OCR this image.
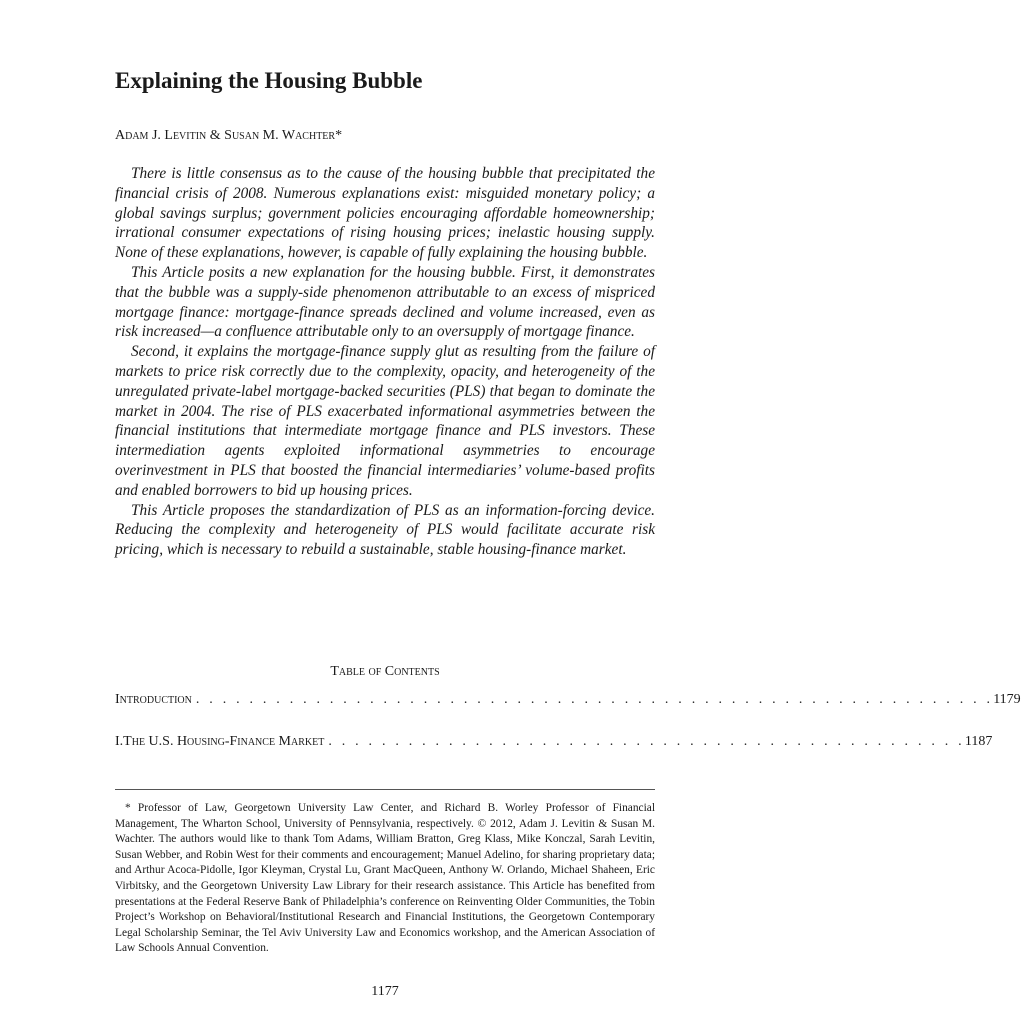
Explaining the Housing Bubble
Adam J. Levitin & Susan M. Wachter*

There is little consensus as to the cause of the housing bubble that precipitated the financial crisis of 2008. Numerous explanations exist: misguided monetary policy; a global savings surplus; government policies encouraging affordable homeownership; irrational consumer expectations of rising housing prices; inelastic housing supply. None of these explanations, however, is capable of fully explaining the housing bubble.

This Article posits a new explanation for the housing bubble. First, it demonstrates that the bubble was a supply-side phenomenon attributable to an excess of mispriced mortgage finance: mortgage-finance spreads declined and volume increased, even as risk increased—a confluence attributable only to an oversupply of mortgage finance.

Second, it explains the mortgage-finance supply glut as resulting from the failure of markets to price risk correctly due to the complexity, opacity, and heterogeneity of the unregulated private-label mortgage-backed securities (PLS) that began to dominate the market in 2004. The rise of PLS exacerbated informational asymmetries between the financial institutions that intermediate mortgage finance and PLS investors. These intermediation agents exploited informational asymmetries to encourage overinvestment in PLS that boosted the financial intermediaries’ volume-based profits and enabled borrowers to bid up housing prices.

This Article proposes the standardization of PLS as an information-forcing device. Reducing the complexity and heterogeneity of PLS would facilitate accurate risk pricing, which is necessary to rebuild a sustainable, stable housing-finance market.

Table of Contents
Introduction . . . . . . . . . . . . . . . . . . . . . . . . . . . . . . . . . . . . . . . . . . . . . . . . . . . . . . . . . . . . 1179
I. The U.S. Housing-Finance Market . . . . . . . . . . . . . . . . . . . . . . . . . . . . . . . . . . . . . . . . . . . . . . . . 1187

* Professor of Law, Georgetown University Law Center, and Richard B. Worley Professor of Financial Management, The Wharton School, University of Pennsylvania, respectively. © 2012, Adam J. Levitin & Susan M. Wachter. The authors would like to thank Tom Adams, William Bratton, Greg Klass, Mike Konczal, Sarah Levitin, Susan Webber, and Robin West for their comments and encouragement; Manuel Adelino, for sharing proprietary data; and Arthur Acoca-Pidolle, Igor Kleyman, Crystal Lu, Grant MacQueen, Anthony W. Orlando, Michael Shaheen, Eric Virbitsky, and the Georgetown University Law Library for their research assistance. This Article has benefited from presentations at the Federal Reserve Bank of Philadelphia’s conference on Reinventing Older Communities, the Tobin Project’s Workshop on Behavioral/Institutional Research and Financial Institutions, the Georgetown Contemporary Legal Scholarship Seminar, the Tel Aviv University Law and Economics workshop, and the American Association of Law Schools Annual Convention.

1177
